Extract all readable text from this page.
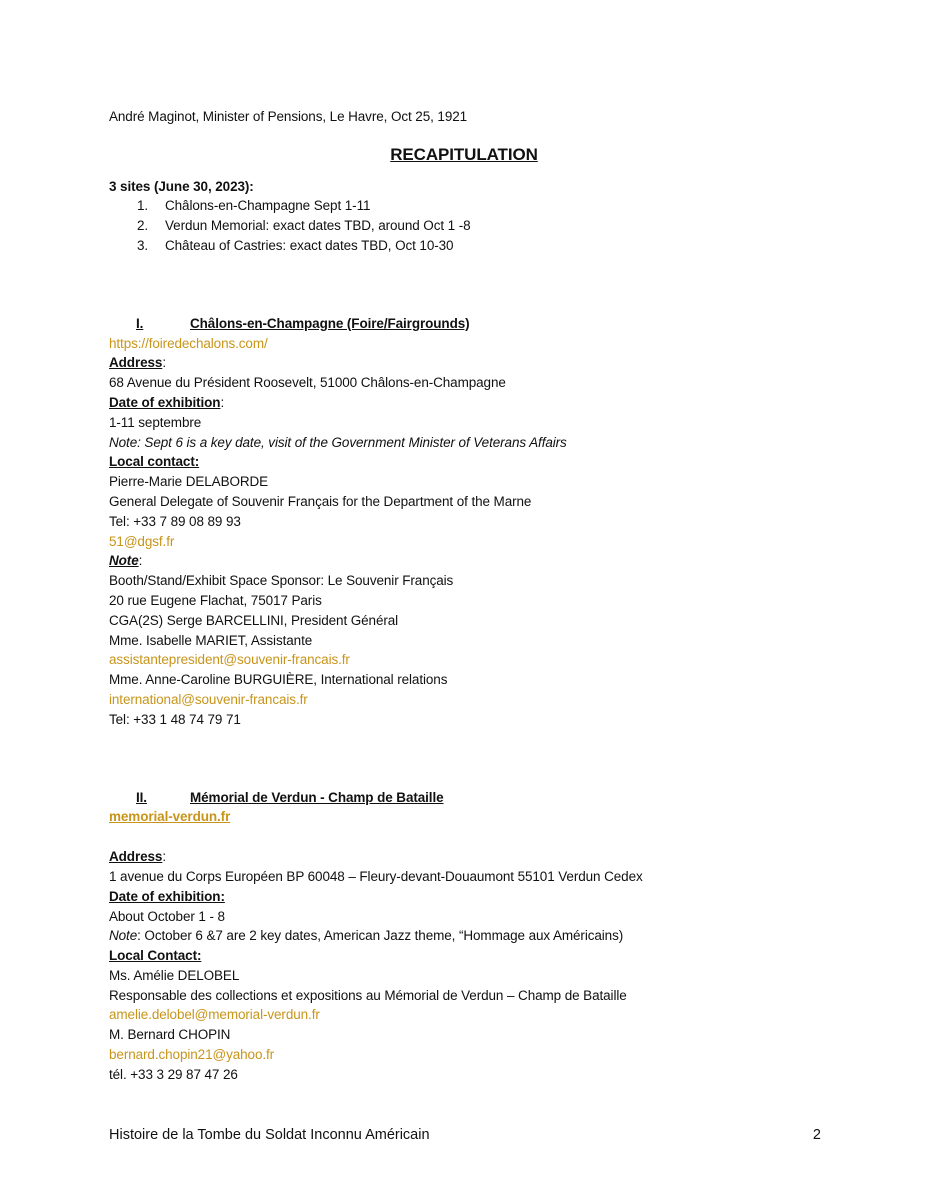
André Maginot, Minister of Pensions, Le Havre, Oct 25, 1921
RECAPITULATION
3 sites (June 30, 2023):
1.	Châlons-en-Champagne Sept 1-11
2.	Verdun Memorial: exact dates TBD, around Oct 1 -8
3.	Château of Castries: exact dates TBD, Oct 10-30
I.	Châlons-en-Champagne (Foire/Fairgrounds)
https://foiredechalons.com/
Address:
68 Avenue du Président Roosevelt, 51000 Châlons-en-Champagne
Date of exhibition:
1-11 septembre
Note: Sept 6 is a key date, visit of the Government Minister of Veterans Affairs
Local contact:
Pierre-Marie DELABORDE
General Delegate of Souvenir Français for the Department of the Marne
Tel: +33 7 89 08 89 93
51@dgsf.fr
Note:
Booth/Stand/Exhibit Space Sponsor: Le Souvenir Français
20 rue Eugene Flachat, 75017 Paris
CGA(2S) Serge BARCELLINI, President Général
Mme. Isabelle MARIET, Assistante
assistantepresident@souvenir-francais.fr
Mme. Anne-Caroline BURGUIÈRE, International relations
international@souvenir-francais.fr
Tel: +33 1 48 74 79 71
II.	Mémorial de Verdun - Champ de Bataille
memorial-verdun.fr
Address:
1 avenue du Corps Européen BP 60048 – Fleury-devant-Douaumont 55101 Verdun Cedex
Date of exhibition:
About October 1 - 8
Note: October 6 &7 are 2 key dates, American Jazz theme, “Hommage aux Américains)
Local Contact:
Ms. Amélie DELOBEL
Responsable des collections et expositions au Mémorial de Verdun – Champ de Bataille
amelie.delobel@memorial-verdun.fr
M. Bernard CHOPIN
bernard.chopin21@yahoo.fr
tél. +33 3 29 87 47 26
Histoire de la Tombe du Soldat Inconnu Américain	2
